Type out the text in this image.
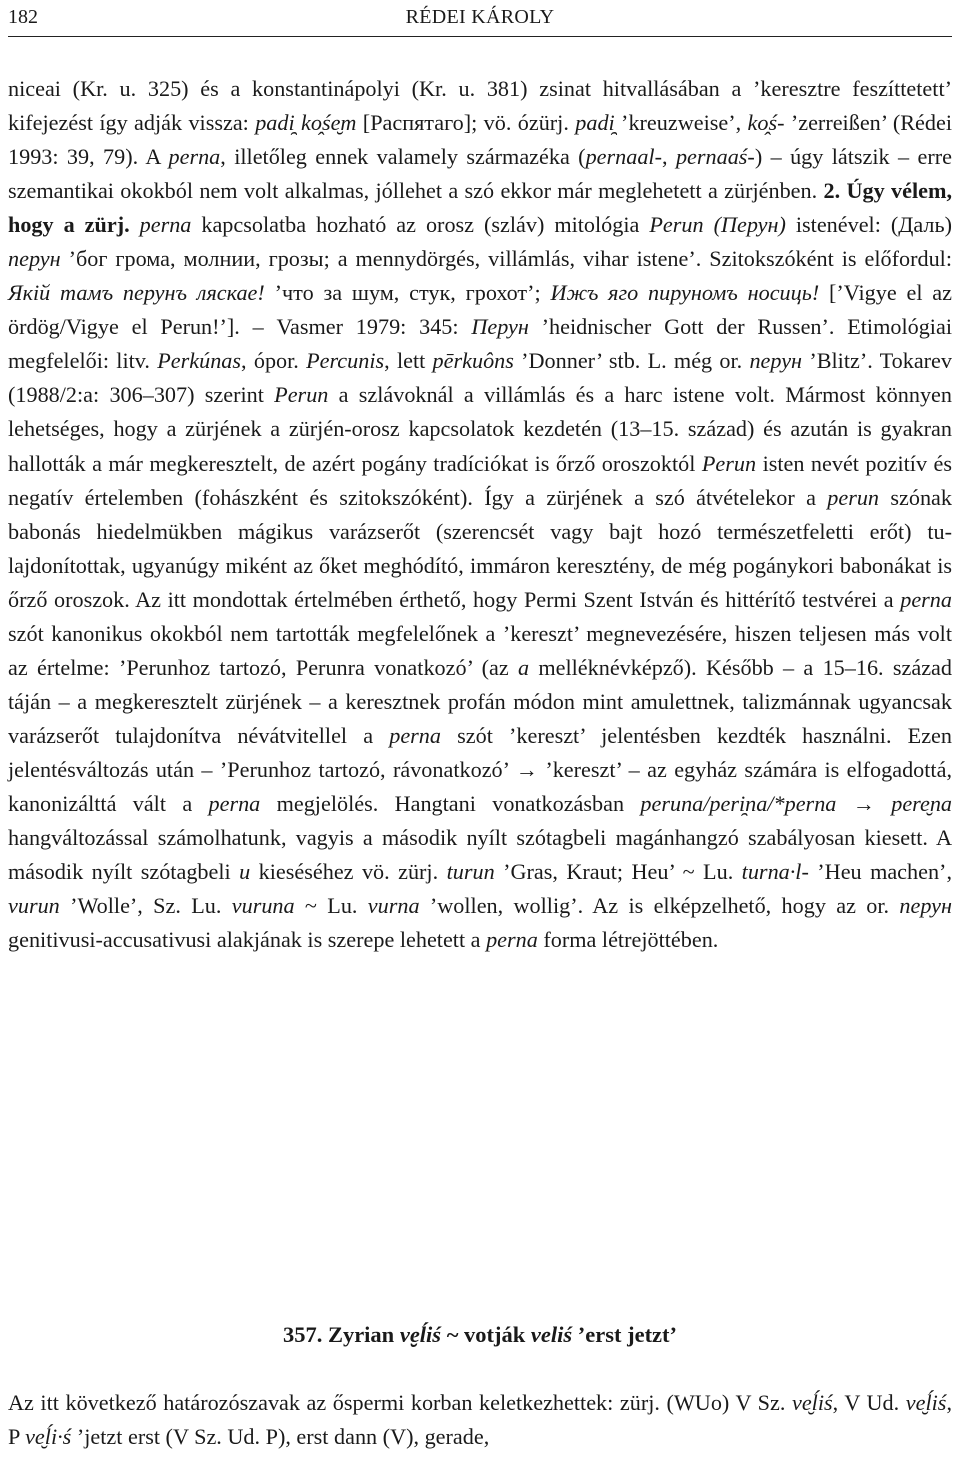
182	RÉDEI KÁROLY
niceai (Kr. u. 325) és a konstantinápolyi (Kr. u. 381) zsinat hitvallásában a ’keresztre feszíttetett’ kifejezést így adják vissza: padi̯ ko̭śe̮m [Распятаго]; vö. ózürj. padi̯ ’kreuzweise’, ko̭ś- ’zerreißen’ (Rédei 1993: 39, 79). A perna, illetőleg ennek valamely származéka (pernaal-, pernaaś-) – úgy látszik – erre szemantikai okokból nem volt alkalmas, jóllehet a szó ekkor már meglehetett a zürjénben. 2. Úgy vélem, hogy a zürj. perna kapcsolatba hozható az orosz (szláv) mitológia Perun (Перун) istenével: (Даль) перун ’бог грома, молнии, грозы; a mennydörgés, villámlás, vihar istene’. Szitokszóként is előfordul: Якiй тамъ перунъ ляскае! ’что за шум, стук, грохот’; Ижъ яго пируномъ носиць! [’Vigye el az ördög/Vigye el Perun!’]. – Vasmer 1979: 345: Перун ’heidnischer Gott der Russen’. Etimológiai megfelelői: litv. Perkúnas, ópor. Percunis, lett pērkuôns ’Donner’ stb. L. még or. перун ’Blitz’. Tokarev (1988/2:a: 306–307) szerint Perun a szlávoknál a villámlás és a harc istene volt. Mármost könnyen lehetséges, hogy a zürjének a zürjén-orosz kapcsolatok kezdetén (13–15. század) és azután is gyakran hallották a már megkeresztelt, de azért pogány tradíciókat is őrző oroszoktól Perun isten nevét pozitív és negatív értelemben (fohászként és szitokszóként). Így a zürjének a szó átvételekor a perun szónak babonás hiedelmükben mágikus varázserőt (szerencsét vagy bajt hozó természetfeletti erőt) tulajdonítottak, ugyanúgy miként az őket meghódító, immáron keresztény, de még pogánykori babonákat is őrző oroszok. Az itt mondottak értelmében érthető, hogy Permi Szent István és hittérítő testvérei a perna szót kanonikus okokból nem tartották megfelelőnek a ’kereszt’ megnevezésére, hiszen teljesen más volt az értelme: ’Perunhoz tartozó, Perunra vonatkozó’ (az a melléknévképző). Később – a 15–16. század táján – a megkeresztelt zürjének – a keresztnek profán módon mint amulettnek, talizmánnak ugyancsak varázserőt tulajdonítva névátvitellel a perna szót ’kereszt’ jelentésben kezdték használni. Ezen jelentésváltozás után – ’Perunhoz tartozó, rávonatkozó’ → ’kereszt’ – az egyház számára is elfogadottá, kanonizálttá vált a perna megjelölés. Hangtani vonatkozásban peruna/peri̯na/*perna → pere̮na hangváltozással számolhatunk, vagyis a második nyílt szótagbeli magánhangzó szabályosan kiesett. A második nyílt szótagbeli u kieséséhez vö. zürj. turun ’Gras, Kraut; Heu’ ~ Lu. turna·l- ’Heu machen’, vurun ’Wolle’, Sz. Lu. vuruna ~ Lu. vurna ’wollen, wollig’. Az is elképzelhető, hogy az or. перун genitivusi-accusativusi alakjának is szerepe lehetett a perna forma létrejöttében.
357. Zyrian ve̮ĺiś ~ votják veliś ’erst jetzt’
Az itt következő határozószavak az őspermi korban keletkezhettek: zürj. (WUo) V Sz. ve̮ĺiś, V Ud. ve̮ĺiś, P ve̮ĺi·ś ’jetzt erst (V Sz. Ud. P), erst dann (V), gerade,
